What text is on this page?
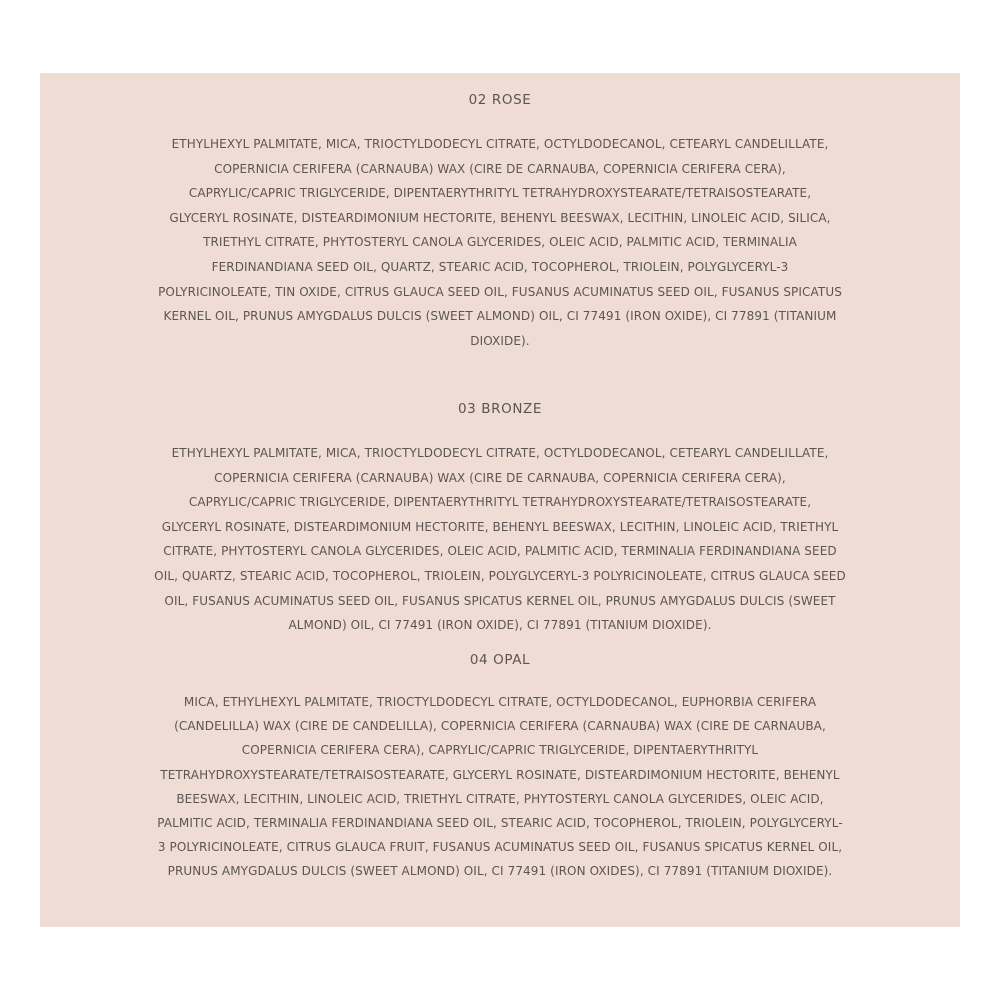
02 ROSE
ETHYLHEXYL PALMITATE, MICA, TRIOCTYLDODECYL CITRATE, OCTYLDODECANOL, CETEARYL CANDELILLATE,
COPERNICIA CERIFERA (CARNAUBA) WAX (CIRE DE CARNAUBA, COPERNICIA CERIFERA CERA),
CAPRYLIC/CAPRIC TRIGLYCERIDE, DIPENTAERYTHRITYL TETRAHYDROXYSTEARATE/TETRAISOSTEARATE,
GLYCERYL ROSINATE, DISTEARDIMONIUM HECTORITE, BEHENYL BEESWAX, LECITHIN, LINOLEIC ACID, SILICA,
TRIETHYL CITRATE, PHYTOSTERYL CANOLA GLYCERIDES, OLEIC ACID, PALMITIC ACID, TERMINALIA
FERDINANDIANA SEED OIL, QUARTZ, STEARIC ACID, TOCOPHEROL, TRIOLEIN, POLYGLYCERYL-3
POLYRICINOLEATE, TIN OXIDE, CITRUS GLAUCA SEED OIL, FUSANUS ACUMINATUS SEED OIL, FUSANUS SPICATUS
KERNEL OIL, PRUNUS AMYGDALUS DULCIS (SWEET ALMOND) OIL, CI 77491 (IRON OXIDE), CI 77891 (TITANIUM
DIOXIDE).
03 BRONZE
ETHYLHEXYL PALMITATE, MICA, TRIOCTYLDODECYL CITRATE, OCTYLDODECANOL, CETEARYL CANDELILLATE,
COPERNICIA CERIFERA (CARNAUBA) WAX (CIRE DE CARNAUBA, COPERNICIA CERIFERA CERA),
CAPRYLIC/CAPRIC TRIGLYCERIDE, DIPENTAERYTHRITYL TETRAHYDROXYSTEARATE/TETRAISOSTEARATE,
GLYCERYL ROSINATE, DISTEARDIMONIUM HECTORITE, BEHENYL BEESWAX, LECITHIN, LINOLEIC ACID, TRIETHYL
CITRATE, PHYTOSTERYL CANOLA GLYCERIDES, OLEIC ACID, PALMITIC ACID, TERMINALIA FERDINANDIANA SEED
OIL, QUARTZ, STEARIC ACID, TOCOPHEROL, TRIOLEIN, POLYGLYCERYL-3 POLYRICINOLEATE, CITRUS GLAUCA SEED
OIL, FUSANUS ACUMINATUS SEED OIL, FUSANUS SPICATUS KERNEL OIL, PRUNUS AMYGDALUS DULCIS (SWEET
ALMOND) OIL, CI 77491 (IRON OXIDE), CI 77891 (TITANIUM DIOXIDE).
04 OPAL
MICA, ETHYLHEXYL PALMITATE, TRIOCTYLDODECYL CITRATE, OCTYLDODECANOL, EUPHORBIA CERIFERA
(CANDELILLA) WAX (CIRE DE CANDELILLA), COPERNICIA CERIFERA (CARNAUBA) WAX (CIRE DE CARNAUBA,
COPERNICIA CERIFERA CERA), CAPRYLIC/CAPRIC TRIGLYCERIDE, DIPENTAERYTHRITYL
TETRAHYDROXYSTEARATE/TETRAISOSTEARATE, GLYCERYL ROSINATE, DISTEARDIMONIUM HECTORITE, BEHENYL
BEESWAX, LECITHIN, LINOLEIC ACID, TRIETHYL CITRATE, PHYTOSTERYL CANOLA GLYCERIDES, OLEIC ACID,
PALMITIC ACID, TERMINALIA FERDINANDIANA SEED OIL, STEARIC ACID, TOCOPHEROL, TRIOLEIN, POLYGLYCERYL-
3 POLYRICINOLEATE, CITRUS GLAUCA FRUIT, FUSANUS ACUMINATUS SEED OIL, FUSANUS SPICATUS KERNEL OIL,
PRUNUS AMYGDALUS DULCIS (SWEET ALMOND) OIL, CI 77491 (IRON OXIDES), CI 77891 (TITANIUM DIOXIDE).
